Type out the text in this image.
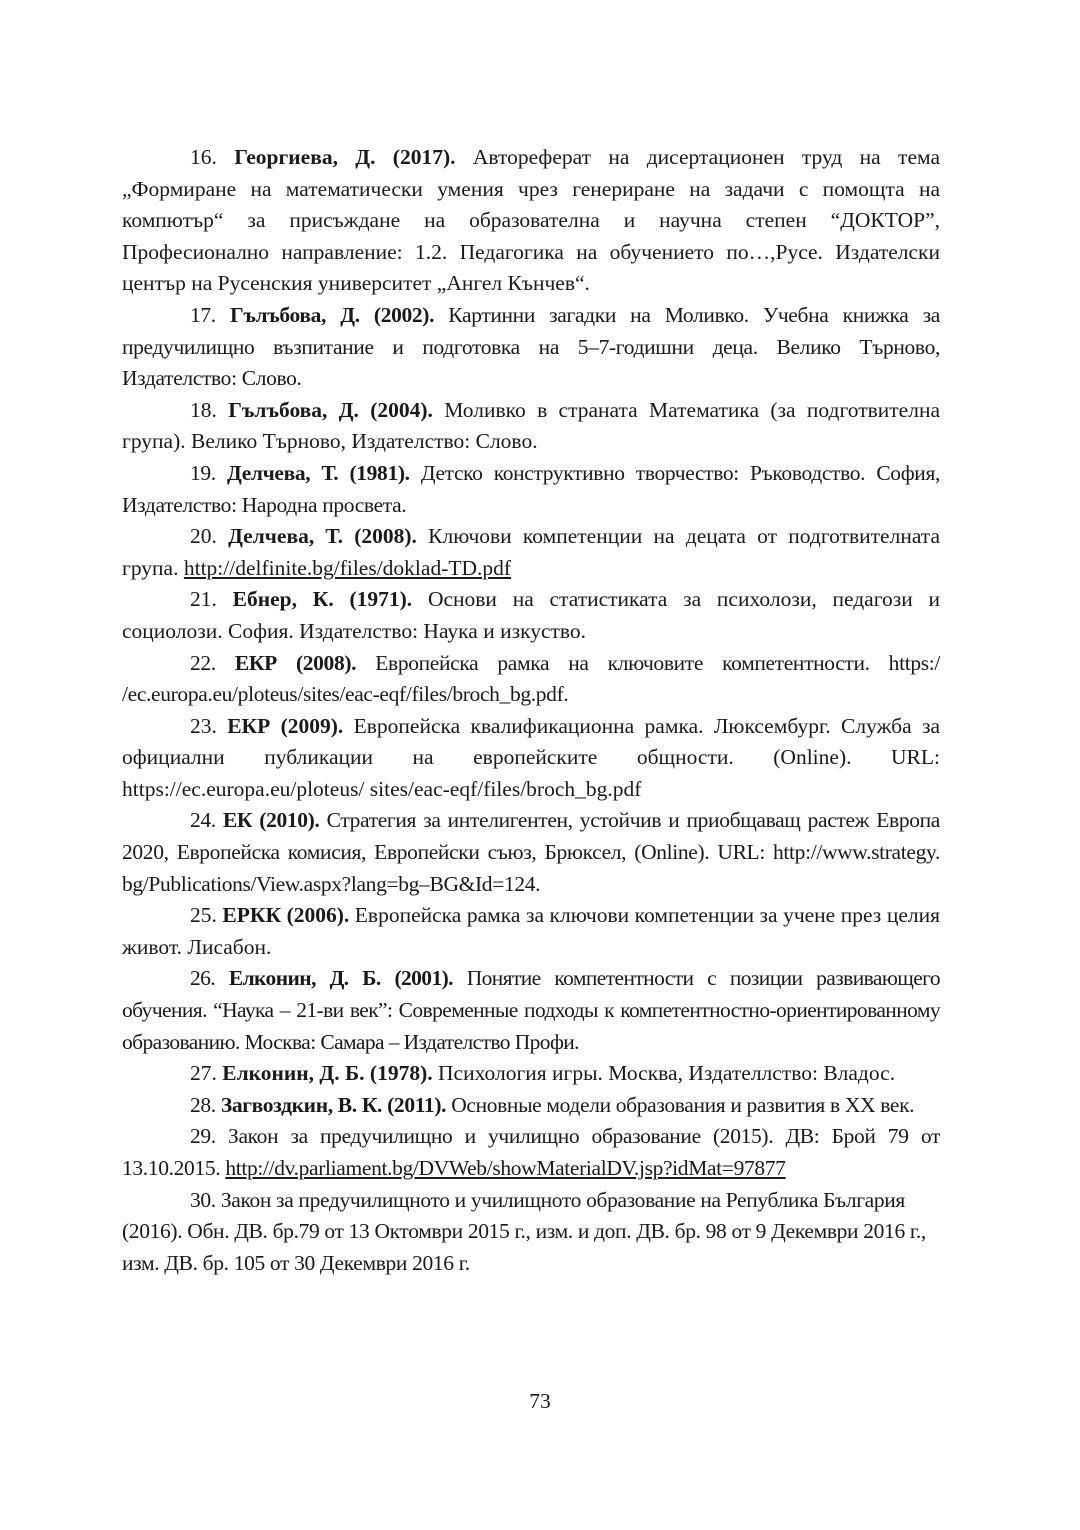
16. Георгиева, Д. (2017). Автореферат на дисертационен труд на тема „Формиране на математически умения чрез генериране на задачи с помощта на компютър“ за присъждане на образователна и научна степен “ДОКТОР”, Професионално направление: 1.2. Педагогика на обучението по…,Русе. Издателски център на Русенския университет „Ангел Кънчев“.

17. Гълъбова, Д. (2002). Картинни загадки на Моливко. Учебна книжка за предучилищно възпитание и подготовка на 5–7-годишни деца. Велико Търново, Издателство: Слово.

18. Гълъбова, Д. (2004). Моливко в страната Математика (за подготвителна група). Велико Търново, Издателство: Слово.

19. Делчева, Т. (1981). Детско конструктивно творчество: Ръководство. София, Издателство: Народна просвета.

20. Делчева, Т. (2008). Ключови компетенции на децата от подготвителната група. http://delfinite.bg/files/doklad-TD.pdf

21. Ебнер, К. (1971). Основи на статистиката за психолози, педагози и социолози. София. Издателство: Наука и изкуство.

22. ЕКР (2008). Европейска рамка на ключовите компетентности. https:/ /ec.europa.eu/ploteus/sites/eac-eqf/files/broch_bg.pdf.

23. ЕКР (2009). Европейска квалификационна рамка. Люксембург. Служба за официални публикации на европейските общности. (Online). URL: https://ec.europa.eu/ploteus/ sites/eac-eqf/files/broch_bg.pdf

24. ЕК (2010). Стратегия за интелигентен, устойчив и приобщаващ растеж Европа 2020, Европейска комисия, Европейски съюз, Брюксел, (Online). URL: http://www.strategy. bg/Publications/View.aspx?lang=bg–BG&Id=124.

25. ЕРКК (2006). Европейска рамка за ключови компетенции за учене през целия живот. Лисабон.

26. Елконин, Д. Б. (2001). Понятие компетентности с позиции развивающего обучения. “Наука – 21-ви век”: Современные подходы к компетентностно-ориентированному образованию. Москва: Самара – Издателство Профи.

27. Елконин, Д. Б. (1978). Психология игры. Москва, Издателлство: Владос.

28. Загвоздкин, В. К. (2011). Основные модели образования и развития в XX век.

29. Закон за предучилищно и училищно образование (2015). ДВ: Брой 79 от 13.10.2015. http://dv.parliament.bg/DVWeb/showMaterialDV.jsp?idMat=97877

30. Закон за предучилищното и училищното образование на Република България (2016). Обн. ДВ. бр.79 от 13 Октомври 2015 г., изм. и доп. ДВ. бр. 98 от 9 Декември 2016 г., изм. ДВ. бр. 105 от 30 Декември 2016 г.

73
